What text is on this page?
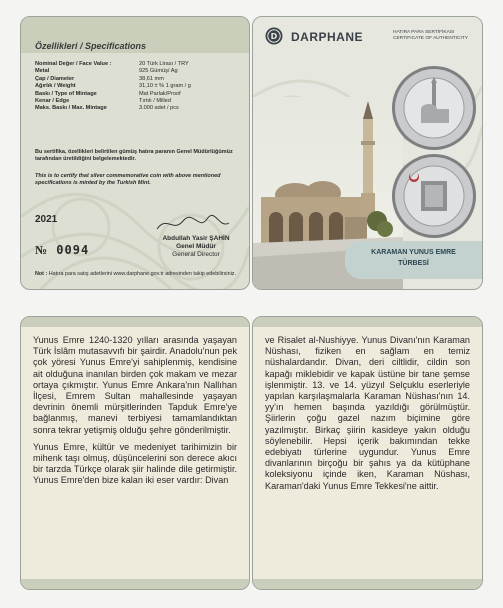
Özellikleri / Specifications
Nominal Değer / Face Value :	20 Türk Lirası / TRY
Metal	925 Gümüş/ Ag
Çap / Diameter	38,61 mm
Ağırlık / Weight	31,10 ± % 1 gram / g
Baskı / Type of Mintage	Mat Parlak/Proof
Kenar / Edge	Tırtılı / Milled
Maks. Baskı / Max. Mintage	3.000 adet / pcs
Bu sertifika, özellikleri belirtilen gümüş hatıra paranın Genel Müdürlüğümüz tarafından üretildiğini belgelemektedir.
This is to certify that silver commemorative coin with above mentioned specifications is minted by the Turkish Mint.
2021
Abdullah Yasir ŞAHİN
Genel Müdür
General Director
№ 0094
Not : Hatıra para satış adetlerini www.darphane.gov.tr adresinden takip edebilirsiniz.
D DARPHANE	HATIRA PARA SERTİFİKASI
CERTIFICATE OF AUTHENTICITY
KARAMAN YUNUS EMRE
TÜRBESİ

Yunus Emre 1240-1320 yılları arasında yaşayan Türk İslâm mutasavvıfı bir şairdir. Anadolu'nun pek çok yöresi Yunus Emre'yi sahiplenmiş, kendisine ait olduğuna inanılan birden çok makam ve mezar ortaya çıkmıştır. Yunus Emre Ankara'nın Nallıhan İlçesi, Emrem Sultan mahallesinde yaşayan devrinin önemli mürşitlerinden Tapduk Emre'ye bağlanmış, manevi terbiyesi tamamlandıktan sonra tekrar yetişmiş olduğu şehre gönderilmiştir.

Yunus Emre, kültür ve medeniyet tarihimizin bir mihenk taşı olmuş, düşüncelerini son derece akıcı bir tarzda Türkçe olarak şiir halinde dile getirmiştir. Yunus Emre'den bize kalan iki eser vardır: Divan

ve Risalet al-Nushiyye. Yunus Divanı'nın Karaman Nüshası, fiziken en sağlam en temiz nüshalardandır. Divan, deri ciltlidir, cildin son kapağı miklebidir ve kapak üstüne bir tane şemse işlenmiştir. 13. ve 14. yüzyıl Selçuklu eserleriyle yapılan karşılaşmalarla Karaman Nüshası'nın 14. yy'ın hemen başında yazıldığı görülmüştür. Şiirlerin çoğu gazel nazım biçimine göre yazılmıştır. Birkaç şiirin kasideye yakın olduğu söylenebilir. Hepsi içerik bakımından tekke edebiyatı türlerine uygundur. Yunus Emre divanlarının birçoğu bir şahıs ya da kütüphane koleksiyonu içinde iken, Karaman Nüshası, Karaman'daki Yunus Emre Tekkesi'ne aittir.
